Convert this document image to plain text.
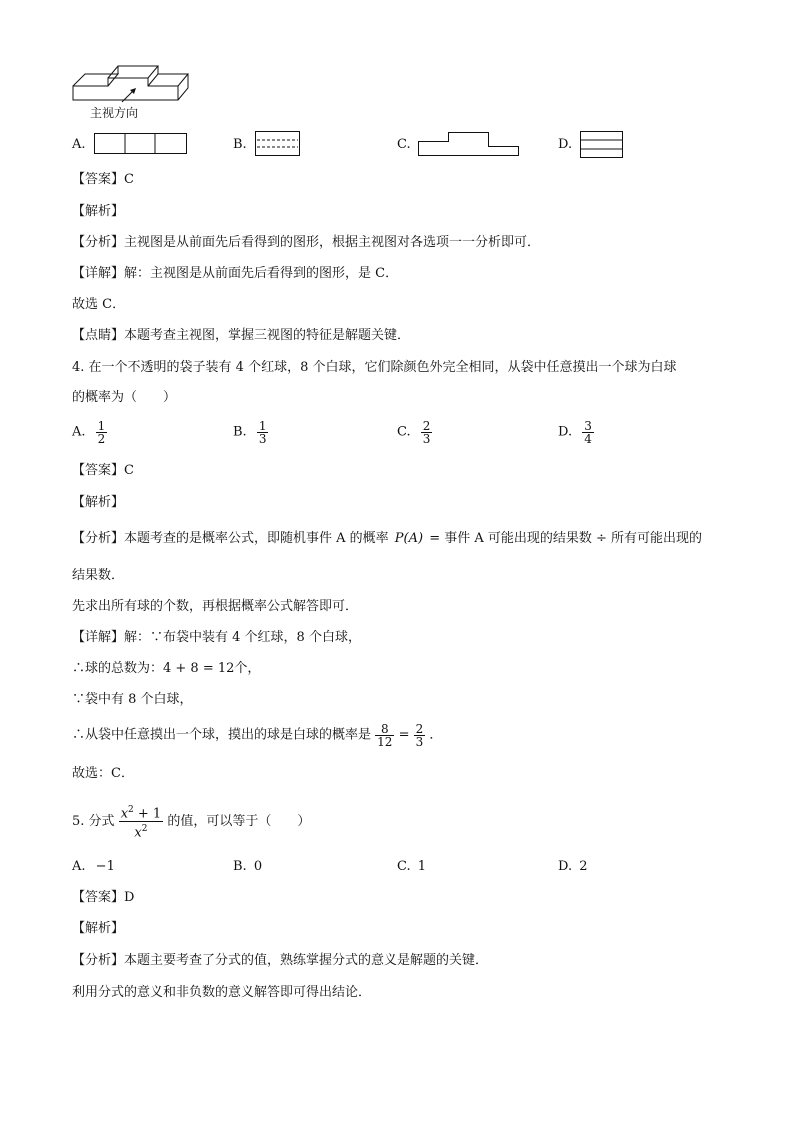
主视方向
A.	B.	C.	D.
【答案】C
【解析】
【分析】主视图是从前面先后看得到的图形，根据主视图对各选项一一分析即可．
【详解】解：主视图是从前面先后看得到的图形，是 C．
故选 C．
【点睛】本题考查主视图，掌握三视图的特征是解题关键．
4. 在一个不透明的袋子装有 4 个红球，8 个白球，它们除颜色外完全相同，从袋中任意摸出一个球为白球
的概率为（　　）
A. $\frac{1}{2}$	B. $\frac{1}{3}$	C. $\frac{2}{3}$	D. $\frac{3}{4}$
【答案】C
【解析】
【分析】本题考查的是概率公式，即随机事件 A 的概率 P(A) = 事件 A 可能出现的结果数 ÷ 所有可能出现的
结果数．
先求出所有球的个数，再根据概率公式解答即可．
【详解】解：∵布袋中装有 4 个红球，8 个白球，
∴球的总数为：4 + 8 = 12个，
∵袋中有 8 个白球，
∴从袋中任意摸出一个球，摸出的球是白球的概率是 $\frac{8}{12} = \frac{2}{3}$ ．
故选：C．
5. 分式 $\frac{x^2 + 1}{x^2}$ 的值，可以等于（　　）
A. −1	B. 0	C. 1	D. 2
【答案】D
【解析】
【分析】本题主要考查了分式的值，熟练掌握分式的意义是解题的关键．
利用分式的意义和非负数的意义解答即可得出结论．
